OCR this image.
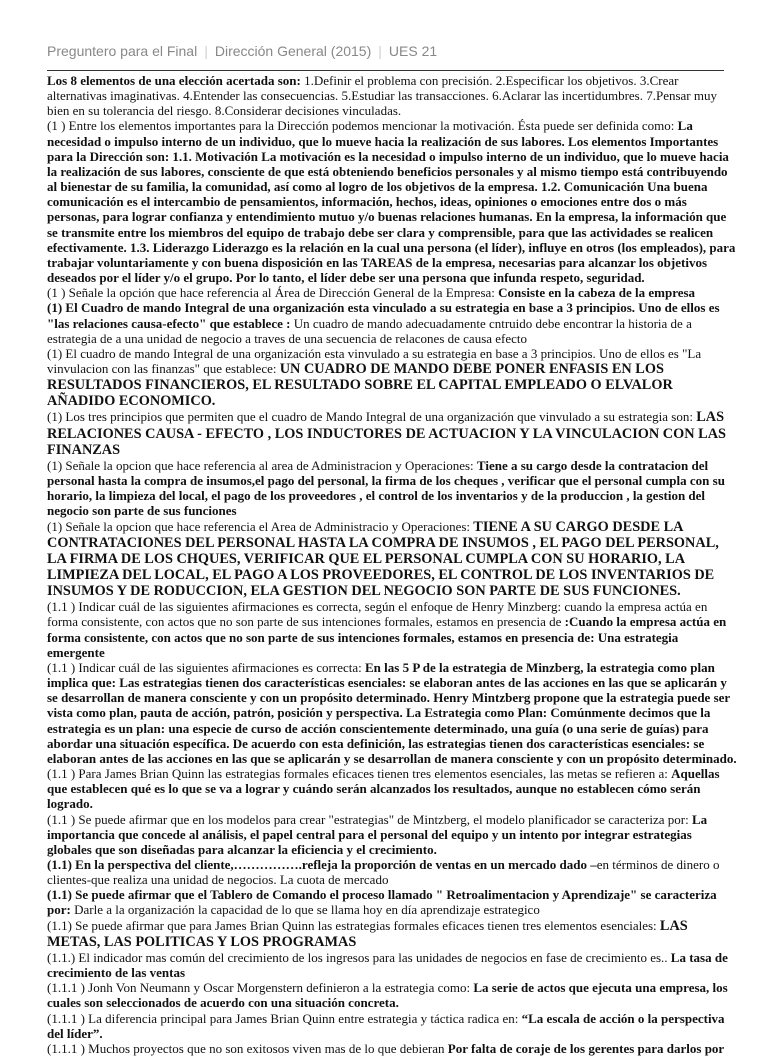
Preguntero para el Final | Dirección General (2015) | UES 21

Los 8 elementos de una elección acertada son: 1.Definir el problema con precisión. 2.Especificar los objetivos. 3.Crear alternativas imaginativas. 4.Entender las consecuencias. 5.Estudiar las transacciones. 6.Aclarar las incertidumbres. 7.Pensar muy bien en su tolerancia del riesgo. 8.Considerar decisiones vinculadas.

(1 ) Entre los elementos importantes para la Dirección podemos mencionar la motivación. Ésta puede ser definida como: La necesidad o impulso interno de un individuo, que lo mueve hacia la realización de sus labores. Los elementos Importantes para la Dirección son: 1.1. Motivación La motivación es la necesidad o impulso interno de un individuo, que lo mueve hacia la realización de sus labores, consciente de que está obteniendo beneficios personales y al mismo tiempo está contribuyendo al bienestar de su familia, la comunidad, así como al logro de los objetivos de la empresa. 1.2. Comunicación Una buena comunicación es el intercambio de pensamientos, información, hechos, ideas, opiniones o emociones entre dos o más personas, para lograr confianza y entendimiento mutuo y/o buenas relaciones humanas. En la empresa, la información que se transmite entre los miembros del equipo de trabajo debe ser clara y comprensible, para que las actividades se realicen efectivamente. 1.3. Liderazgo Liderazgo es la relación en la cual una persona (el líder), influye en otros (los empleados), para trabajar voluntariamente y con buena disposición en las TAREAS de la empresa, necesarias para alcanzar los objetivos deseados por el líder y/o el grupo. Por lo tanto, el líder debe ser una persona que infunda respeto, seguridad.

(1 ) Señale la opción que hace referencia al Área de Dirección General de la Empresa: Consiste en la cabeza de la empresa

(1) El Cuadro de mando Integral de una organización esta vinculado a su estrategia en base a 3 principios. Uno de ellos es "las relaciones causa-efecto" que establece : Un cuadro de mando adecuadamente cntruido debe encontrar la historia de a estrategia de a una unidad de negocio a traves de una secuencia de relacones de causa efecto

(1) El cuadro de mando Integral de una organización esta vinvulado a su estrategia en base a 3 principios. Uno de ellos es "La vinvulacion con las finanzas" que establece: UN CUADRO DE MANDO DEBE PONER ENFASIS EN LOS RESULTADOS FINANCIEROS, EL RESULTADO SOBRE EL CAPITAL EMPLEADO O ELVALOR AÑADIDO ECONOMICO.

(1) Los tres principios que permiten que el cuadro de Mando Integral de una organización que vinvulado a su estrategia son: LAS RELACIONES CAUSA - EFECTO , LOS INDUCTORES DE ACTUACION Y LA VINCULACION CON LAS FINANZAS

(1) Señale la opcion que hace referencia al area de Administracion y Operaciones: Tiene a su cargo desde la contratacion del personal hasta la compra de insumos,el pago del personal, la firma de los cheques , verificar que el personal cumpla con su horario, la limpieza del local, el pago de los proveedores , el control de los inventarios y de la produccion , la gestion del negocio son parte de sus funciones

(1) Señale la opcion que hace referencia el Area de Administracio y Operaciones: TIENE A SU CARGO DESDE LA CONTRATACIONES DEL PERSONAL HASTA LA COMPRA DE INSUMOS , EL PAGO DEL PERSONAL, LA FIRMA DE LOS CHQUES, VERIFICAR QUE EL PERSONAL CUMPLA CON SU HORARIO, LA LIMPIEZA DEL LOCAL, EL PAGO A LOS PROVEEDORES, EL CONTROL DE LOS INVENTARIOS DE INSUMOS Y DE RODUCCION, ELA GESTION DEL NEGOCIO SON PARTE DE SUS FUNCIONES.

(1.1 ) Indicar cuál de las siguientes afirmaciones es correcta, según el enfoque de Henry Minzberg: cuando la empresa actúa en forma consistente, con actos que no son parte de sus intenciones formales, estamos en presencia de :Cuando la empresa actúa en forma consistente, con actos que no son parte de sus intenciones formales, estamos en presencia de: Una estrategia emergente

(1.1 ) Indicar cuál de las siguientes afirmaciones es correcta: En las 5 P de la estrategia de Minzberg, la estrategia como plan implica que: Las estrategias tienen dos características esenciales: se elaboran antes de las acciones en las que se aplicarán y se desarrollan de manera consciente y con un propósito determinado. Henry Mintzberg propone que la estrategia puede ser vista como plan, pauta de acción, patrón, posición y perspectiva. La Estrategia como Plan: Comúnmente decimos que la estrategia es un plan: una especie de curso de acción conscientemente determinado, una guía (o una serie de guías) para abordar una situación específica. De acuerdo con esta definición, las estrategias tienen dos características esenciales: se elaboran antes de las acciones en las que se aplicarán y se desarrollan de manera consciente y con un propósito determinado.

(1.1 ) Para James Brian Quinn las estrategias formales eficaces tienen tres elementos esenciales, las metas se refieren a: Aquellas que establecen qué es lo que se va a lograr y cuándo serán alcanzados los resultados, aunque no establecen cómo serán logrado.

(1.1 ) Se puede afirmar que en los modelos para crear "estrategias" de Mintzberg, el modelo planificador se caracteriza por: La importancia que concede al análisis, el papel central para el personal del equipo y un intento por integrar estrategias globales que son diseñadas para alcanzar la eficiencia y el crecimiento.

(1.1) En la perspectiva del cliente,…………….refleja la proporción de ventas en un mercado dado –en términos de dinero o clientes-que realiza una unidad de negocios. La cuota de mercado

(1.1) Se puede afirmar que el Tablero de Comando el proceso llamado " Retroalimentacion y Aprendizaje" se caracteriza por: Darle a la organización la capacidad de lo que se llama hoy en día aprendizaje estrategico

(1.1) Se puede afirmar que para James Brian Quinn las estrategias formales eficaces tienen tres elementos esenciales: LAS METAS, LAS POLITICAS Y LOS PROGRAMAS

(1.1.) El indicador mas común del crecimiento de los ingresos para las unidades de negocios en fase de crecimiento es.. La tasa de crecimiento de las ventas

(1.1.1 ) Jonh Von Neumann y Oscar Morgenstern definieron a la estrategia como: La serie de actos que ejecuta una empresa, los cuales son seleccionados de acuerdo con una situación concreta.

(1.1.1 ) La diferencia principal para James Brian Quinn entre estrategia y táctica radica en: “La escala de acción o la perspectiva del líder”.

(1.1.1 ) Muchos proyectos que no son exitosos viven mas de lo que debieran Por falta de coraje de los gerentes para darlos por
